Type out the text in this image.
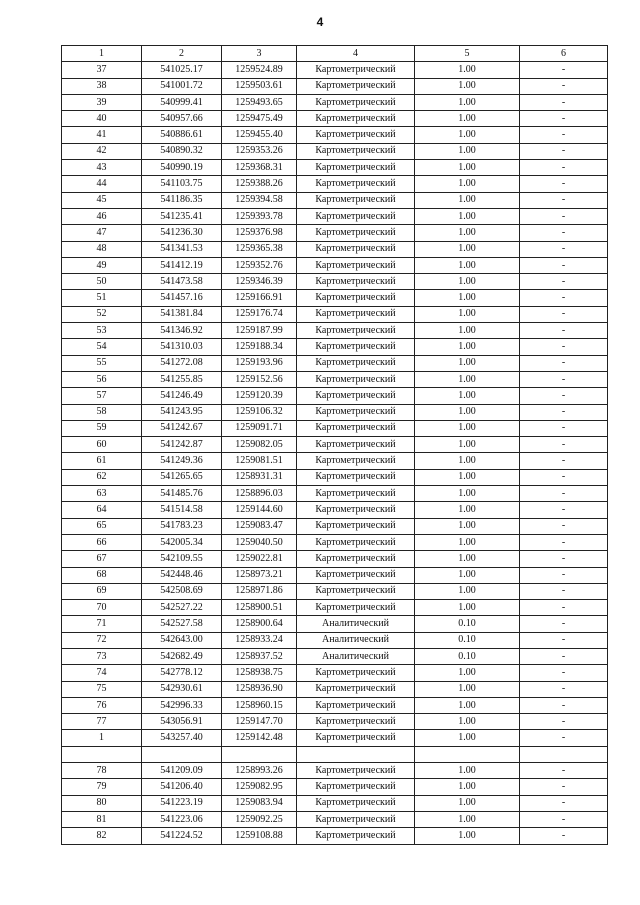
4
1	2	3	4	5	6
37	541025.17	1259524.89	Картометрический	1.00	-
38	541001.72	1259503.61	Картометрический	1.00	-
39	540999.41	1259493.65	Картометрический	1.00	-
40	540957.66	1259475.49	Картометрический	1.00	-
41	540886.61	1259455.40	Картометрический	1.00	-
42	540890.32	1259353.26	Картометрический	1.00	-
43	540990.19	1259368.31	Картометрический	1.00	-
44	541103.75	1259388.26	Картометрический	1.00	-
45	541186.35	1259394.58	Картометрический	1.00	-
46	541235.41	1259393.78	Картометрический	1.00	-
47	541236.30	1259376.98	Картометрический	1.00	-
48	541341.53	1259365.38	Картометрический	1.00	-
49	541412.19	1259352.76	Картометрический	1.00	-
50	541473.58	1259346.39	Картометрический	1.00	-
51	541457.16	1259166.91	Картометрический	1.00	-
52	541381.84	1259176.74	Картометрический	1.00	-
53	541346.92	1259187.99	Картометрический	1.00	-
54	541310.03	1259188.34	Картометрический	1.00	-
55	541272.08	1259193.96	Картометрический	1.00	-
56	541255.85	1259152.56	Картометрический	1.00	-
57	541246.49	1259120.39	Картометрический	1.00	-
58	541243.95	1259106.32	Картометрический	1.00	-
59	541242.67	1259091.71	Картометрический	1.00	-
60	541242.87	1259082.05	Картометрический	1.00	-
61	541249.36	1259081.51	Картометрический	1.00	-
62	541265.65	1258931.31	Картометрический	1.00	-
63	541485.76	1258896.03	Картометрический	1.00	-
64	541514.58	1259144.60	Картометрический	1.00	-
65	541783.23	1259083.47	Картометрический	1.00	-
66	542005.34	1259040.50	Картометрический	1.00	-
67	542109.55	1259022.81	Картометрический	1.00	-
68	542448.46	1258973.21	Картометрический	1.00	-
69	542508.69	1258971.86	Картометрический	1.00	-
70	542527.22	1258900.51	Картометрический	1.00	-
71	542527.58	1258900.64	Аналитический	0.10	-
72	542643.00	1258933.24	Аналитический	0.10	-
73	542682.49	1258937.52	Аналитический	0.10	-
74	542778.12	1258938.75	Картометрический	1.00	-
75	542930.61	1258936.90	Картометрический	1.00	-
76	542996.33	1258960.15	Картометрический	1.00	-
77	543056.91	1259147.70	Картометрический	1.00	-
1	543257.40	1259142.48	Картометрический	1.00	-

78	541209.09	1258993.26	Картометрический	1.00	-
79	541206.40	1259082.95	Картометрический	1.00	-
80	541223.19	1259083.94	Картометрический	1.00	-
81	541223.06	1259092.25	Картометрический	1.00	-
82	541224.52	1259108.88	Картометрический	1.00	-
